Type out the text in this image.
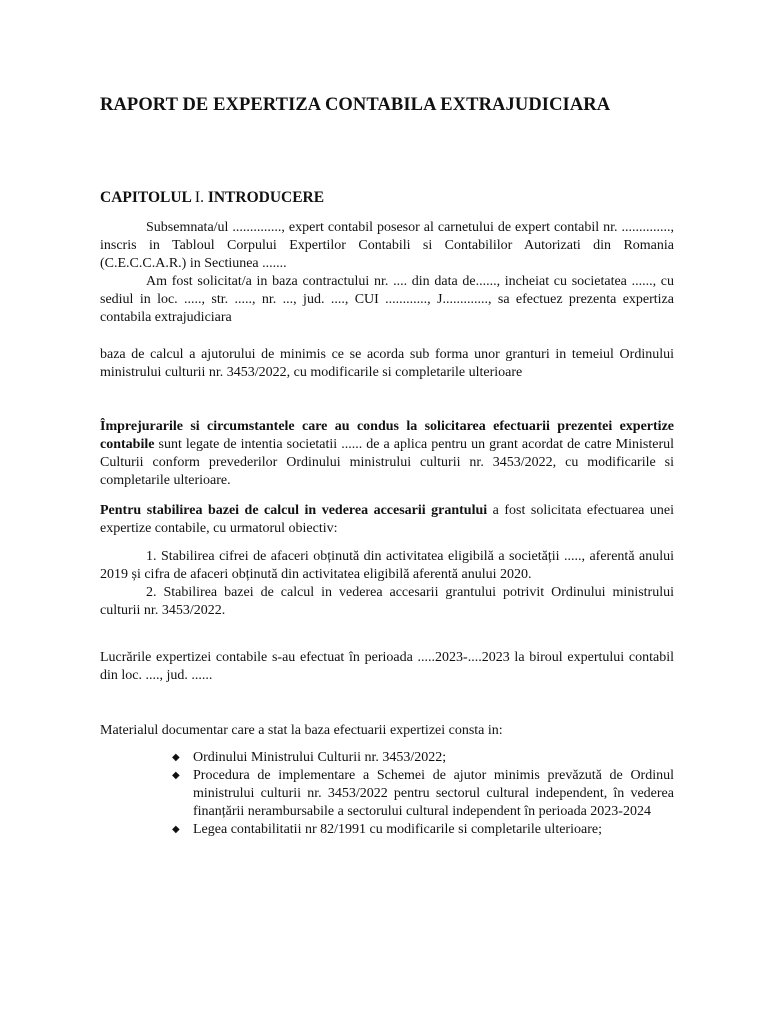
RAPORT DE EXPERTIZA CONTABILA EXTRAJUDICIARA
CAPITOLUL I. INTRODUCERE

Subsemnata/ul .............., expert contabil posesor al carnetului de expert contabil nr. .............., inscris in Tabloul Corpului Expertilor Contabili si Contabililor Autorizati din Romania (C.E.C.C.A.R.) in Sectiunea .......

Am fost solicitat/a in baza contractului nr. .... din data de......, incheiat cu societatea ......, cu sediul in loc. ....., str. ....., nr. ..., jud. ...., CUI ............, J............., sa efectuez prezenta expertiza contabila extrajudiciara

baza de calcul a ajutorului de minimis ce se acorda sub forma unor granturi in temeiul Ordinului ministrului culturii nr. 3453/2022, cu modificarile si completarile ulterioare

Împrejurarile si circumstantele care au condus la solicitarea efectuarii prezentei expertize contabile sunt legate de intentia societatii ...... de a aplica pentru un grant acordat de catre Ministerul Culturii conform prevederilor Ordinului ministrului culturii nr. 3453/2022, cu modificarile si completarile ulterioare.

Pentru stabilirea bazei de calcul in vederea accesarii grantului a fost solicitata efectuarea unei expertize contabile, cu urmatorul obiectiv:

1. Stabilirea cifrei de afaceri obținută din activitatea eligibilă a societății ....., aferentă anului 2019 și cifra de afaceri obținută din activitatea eligibilă aferentă anului 2020.

2. Stabilirea bazei de calcul in vederea accesarii grantului potrivit Ordinului ministrului culturii nr. 3453/2022.

Lucrările expertizei contabile s-au efectuat în perioada .....2023-....2023 la biroul expertului contabil din loc. ...., jud. ......

Materialul documentar care a stat la baza efectuarii expertizei consta in:

◆ Ordinului Ministrului Culturii nr. 3453/2022;
◆ Procedura de implementare a Schemei de ajutor minimis prevăzută de Ordinul ministrului culturii nr. 3453/2022 pentru sectorul cultural independent, în vederea finanțării nerambursabile a sectorului cultural independent în perioada 2023-2024
◆ Legea contabilitatii nr 82/1991 cu modificarile si completarile ulterioare;
